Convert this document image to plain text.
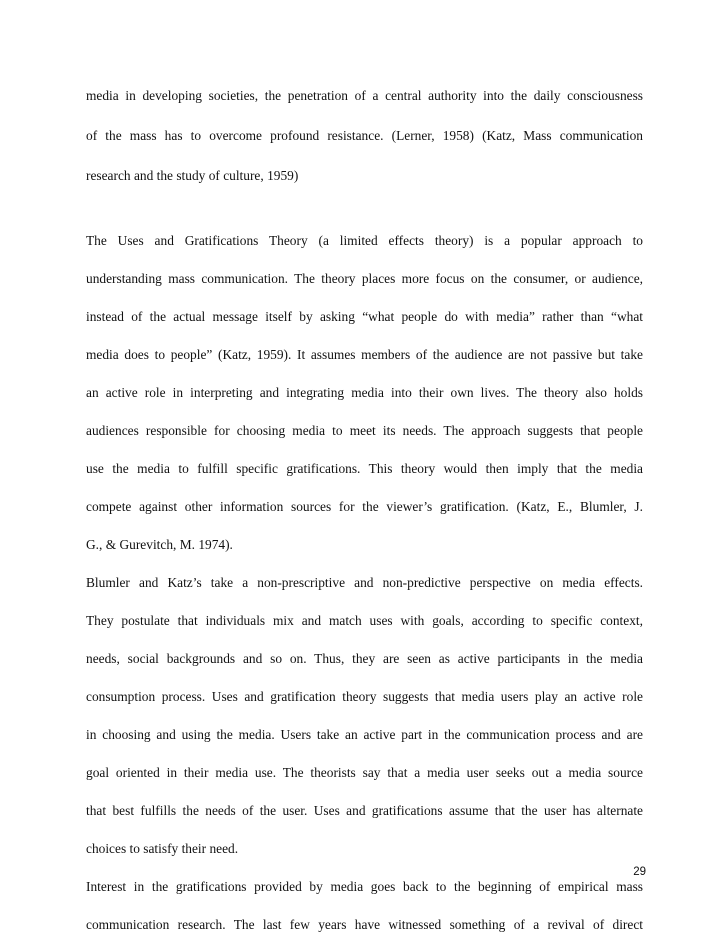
media in developing societies, the penetration of a central authority into the daily consciousness
of the mass has to overcome profound resistance. (Lerner, 1958) (Katz, Mass communication
research and the study of culture, 1959)
The Uses and Gratifications Theory (a limited effects theory) is a popular approach to
understanding mass communication. The theory places more focus on the consumer, or audience,
instead of the actual message itself by asking “what people do with media” rather than “what
media does to people” (Katz, 1959). It assumes members of the audience are not passive but take
an active role in interpreting and integrating media into their own lives. The theory also holds
audiences responsible for choosing media to meet its needs. The approach suggests that people
use the media to fulfill specific gratifications. This theory would then imply that the media
compete against other information sources for the viewer’s gratification. (Katz, E., Blumler, J.
G., & Gurevitch, M. 1974).
Blumler and Katz’s take a non-prescriptive and non-predictive perspective on media effects.
They postulate that individuals mix and match uses with goals, according to specific context,
needs, social backgrounds and so on. Thus, they are seen as active participants in the media
consumption process. Uses and gratification theory suggests that media users play an active role
in choosing and using the media. Users take an active part in the communication process and are
goal oriented in their media use. The theorists say that a media user seeks out a media source
that best fulfills the needs of the user. Uses and gratifications assume that the user has alternate
choices to satisfy their need.
Interest in the gratifications provided by media goes back to the beginning of empirical mass
communication research. The last few years have witnessed something of a revival of direct
29
